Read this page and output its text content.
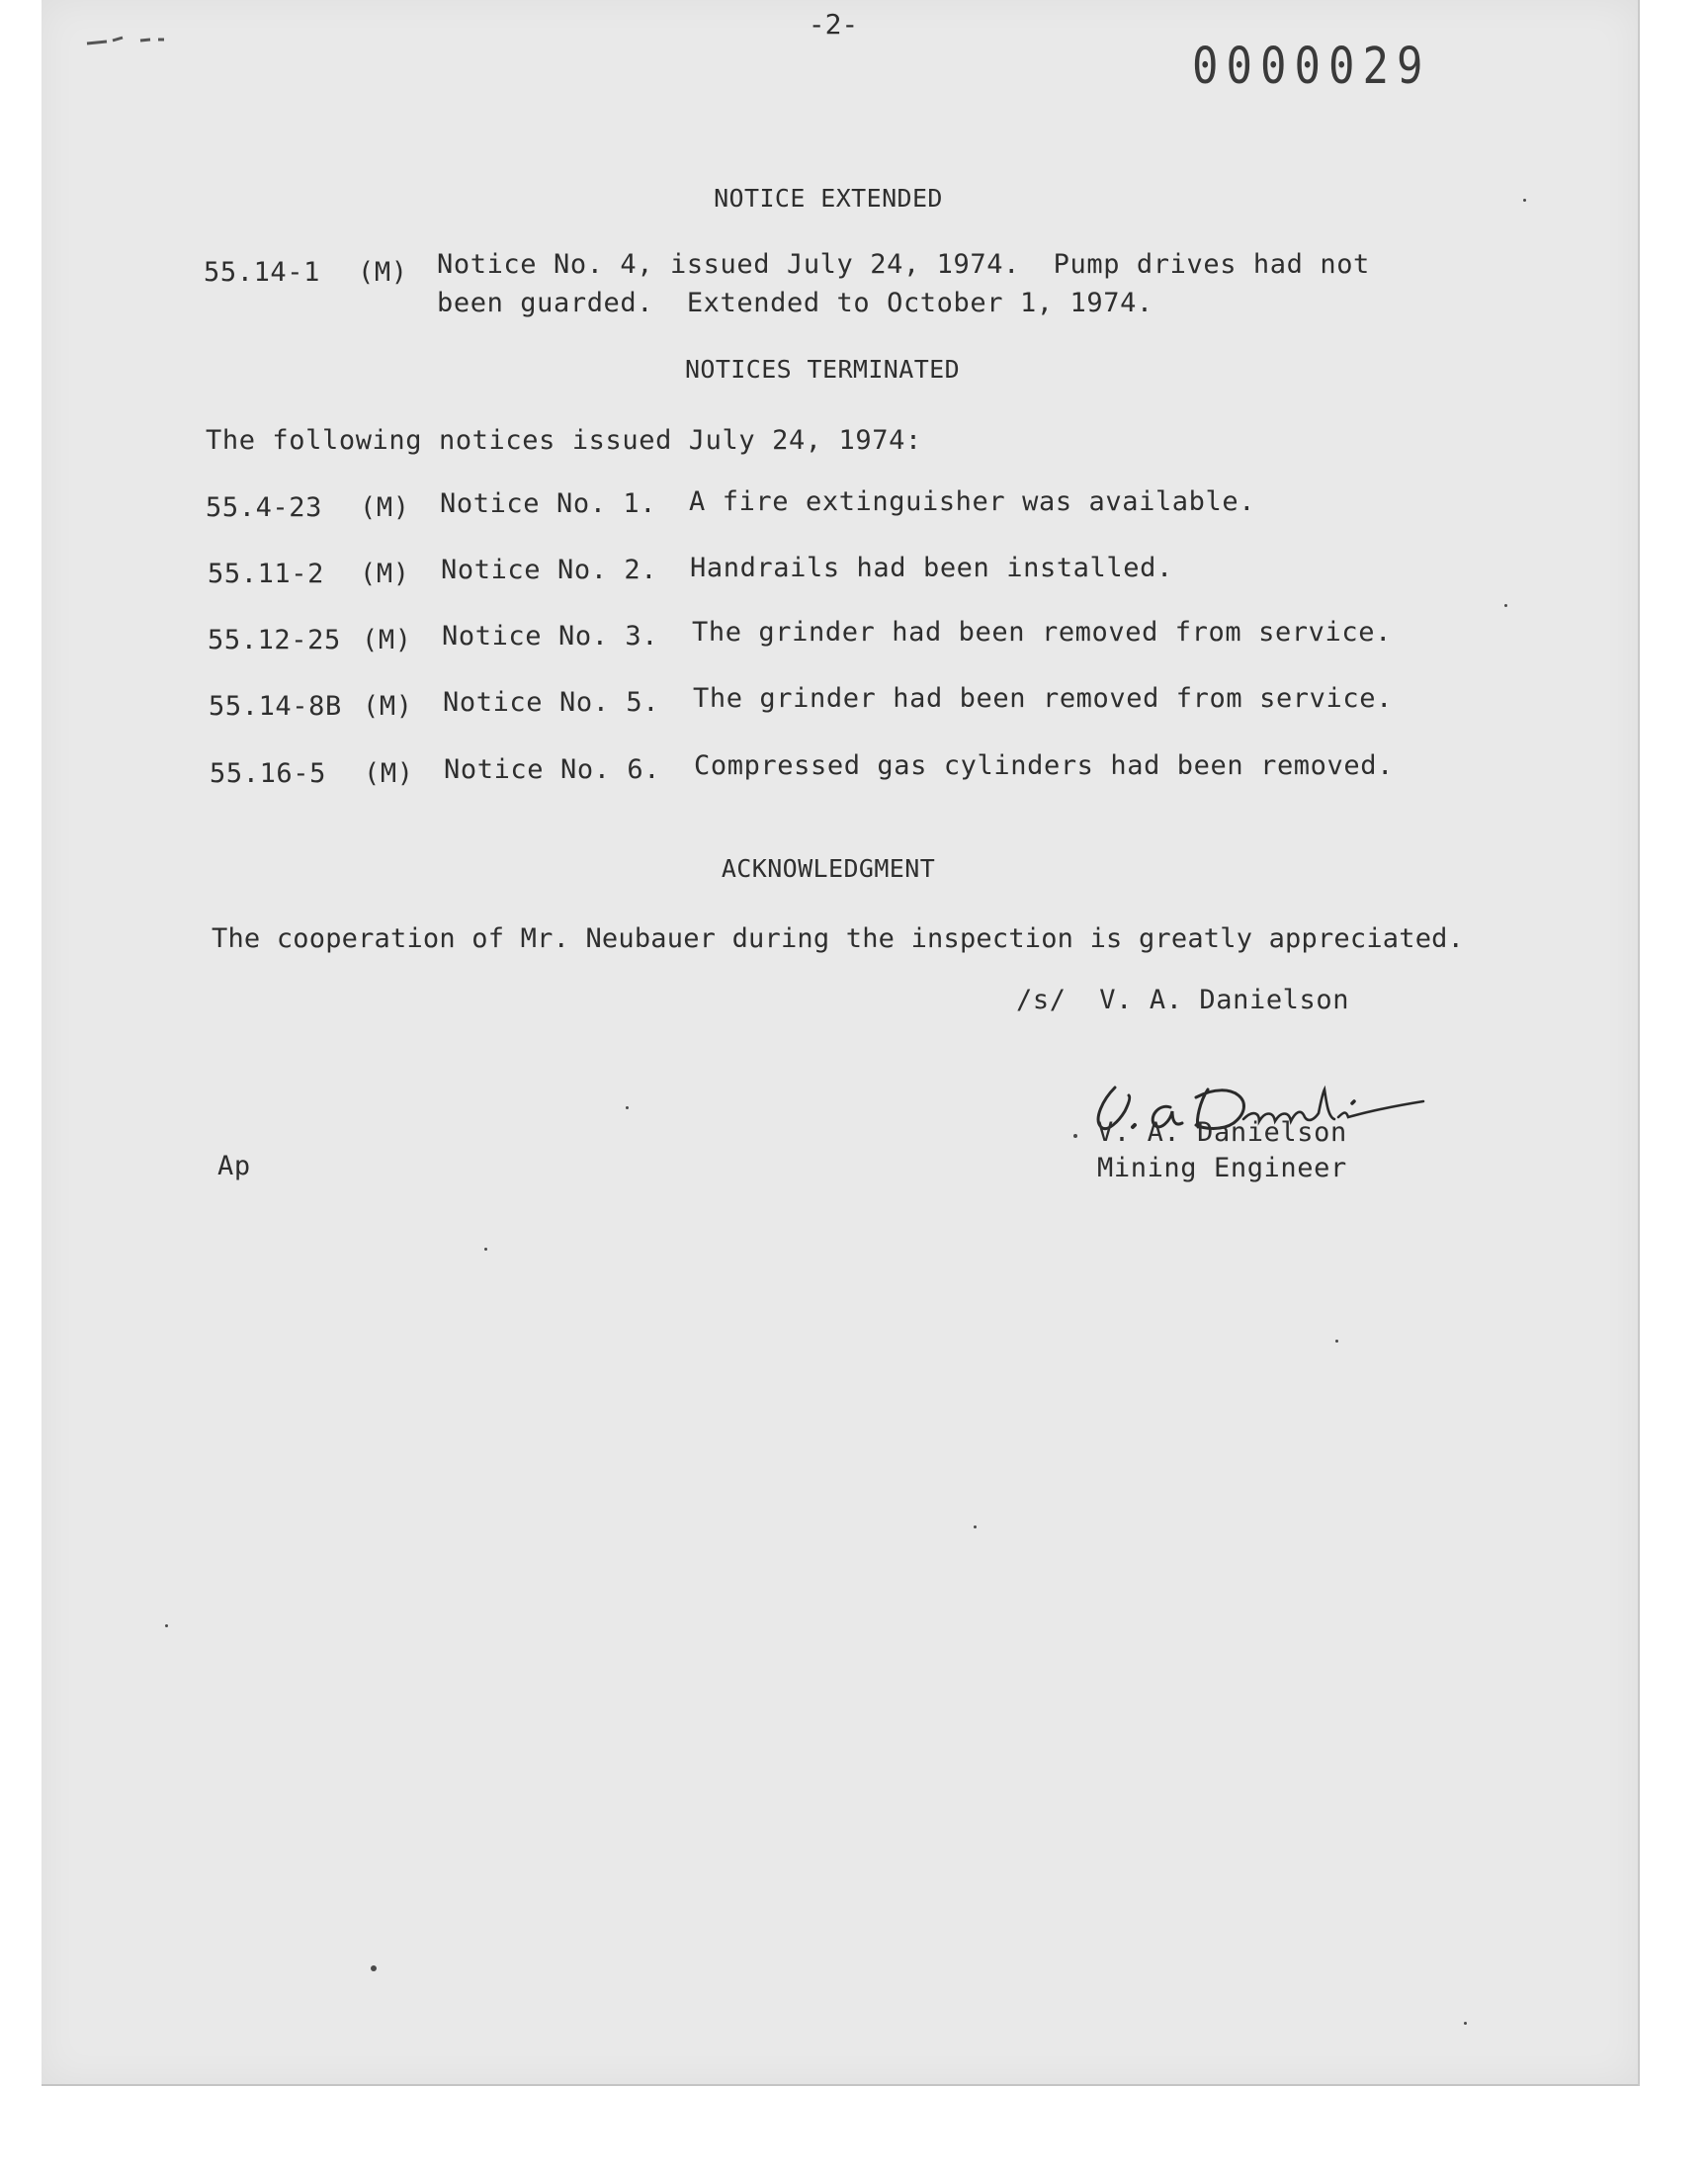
-2-
0000029
NOTICE EXTENDED
55.14-1 (M) Notice No. 4, issued July 24, 1974.  Pump drives had not
been guarded.  Extended to October 1, 1974.
NOTICES TERMINATED
The following notices issued July 24, 1974:
55.4-23 (M) Notice No. 1. A fire extinguisher was available.
55.11-2 (M) Notice No. 2. Handrails had been installed.
55.12-25 (M) Notice No. 3. The grinder had been removed from service.
55.14-8B (M) Notice No. 5. The grinder had been removed from service.
55.16-5 (M) Notice No. 6. Compressed gas cylinders had been removed.
ACKNOWLEDGMENT
The cooperation of Mr. Neubauer during the inspection is greatly appreciated.
/s/  V. A. Danielson
V. A. Danielson
Mining Engineer
Ap
